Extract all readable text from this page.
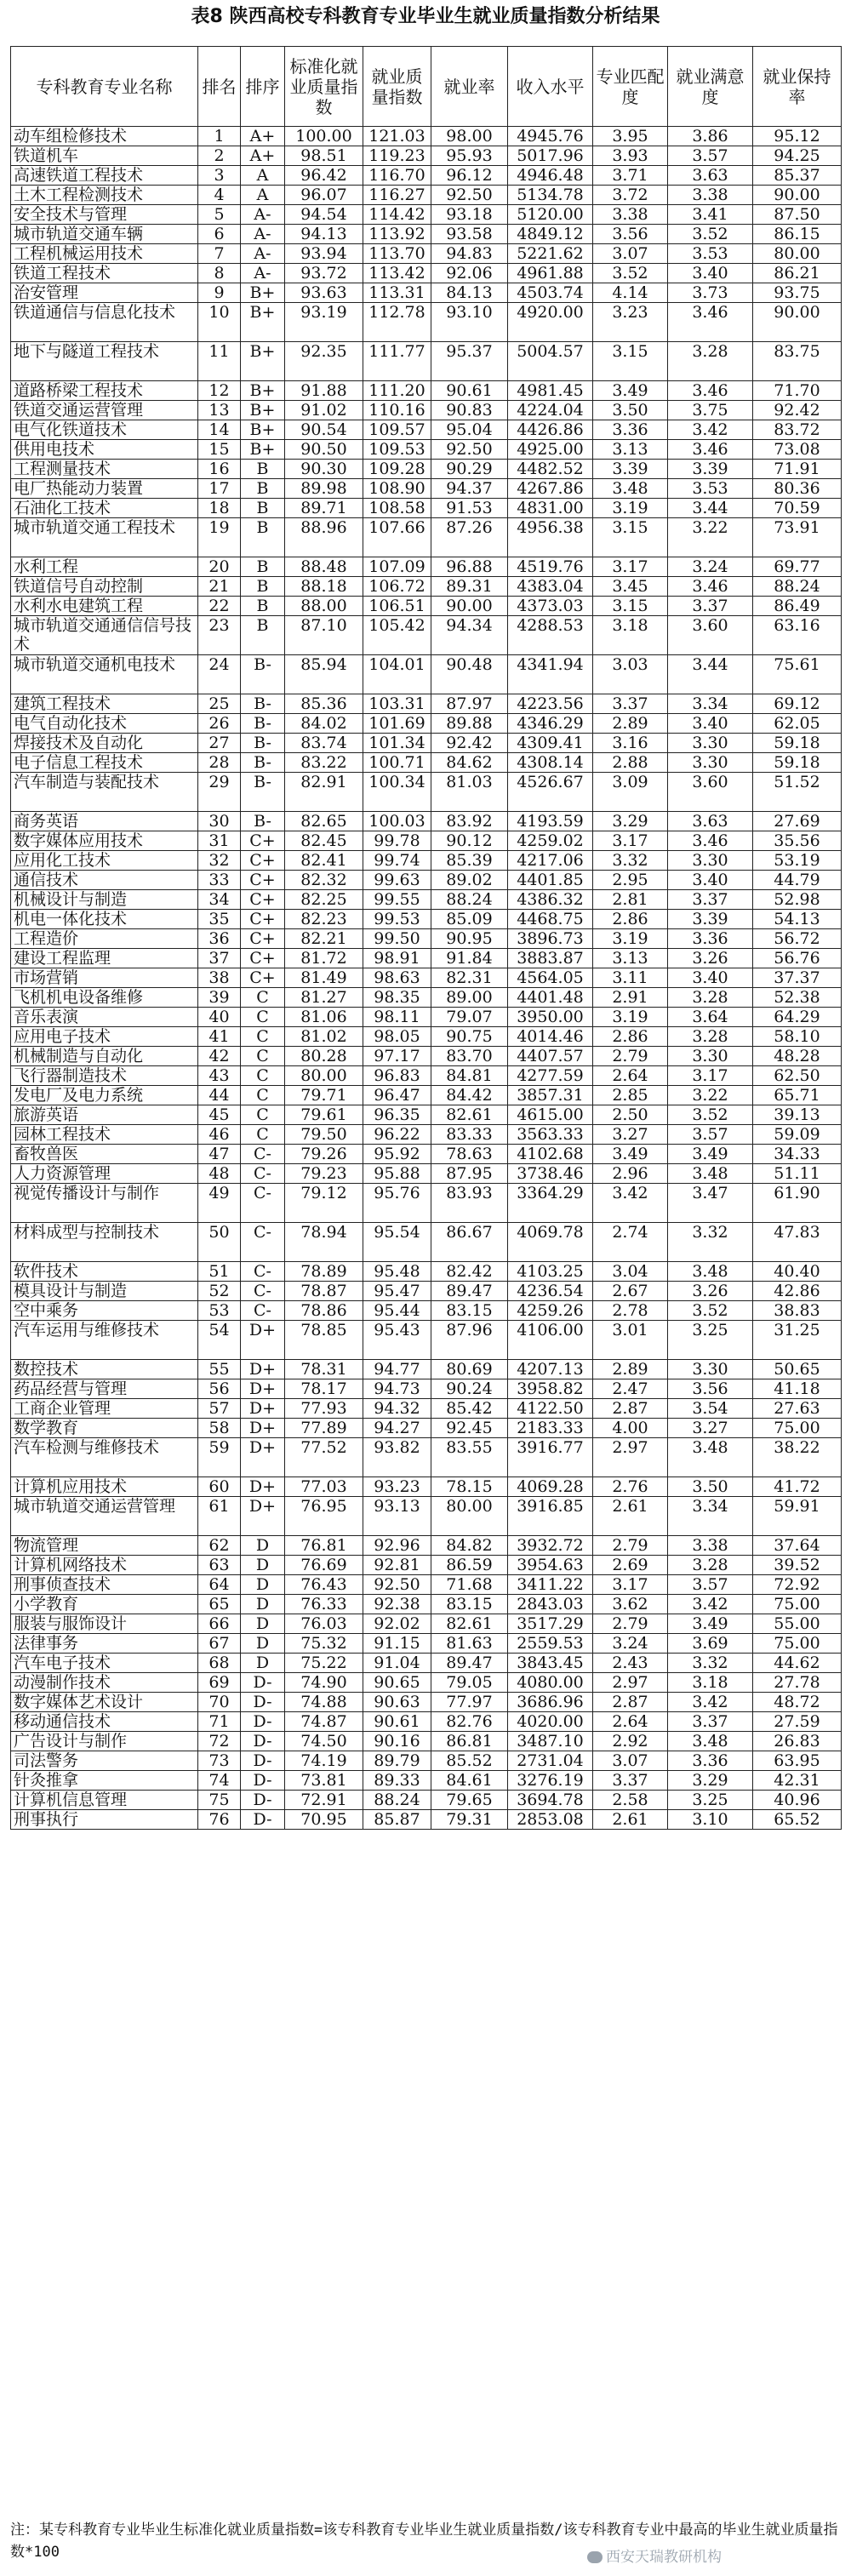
表8 陕西高校专科教育专业毕业生就业质量指数分析结果
专科教育专业名称	排名	排序	标准化就业质量指数	就业质量指数	就业率	收入水平	专业匹配度	就业满意度	就业保持率
动车组检修技术	1	A+	100.00	121.03	98.00	4945.76	3.95	3.86	95.12
铁道机车	2	A+	98.51	119.23	95.93	5017.96	3.93	3.57	94.25
高速铁道工程技术	3	A	96.42	116.70	96.12	4946.48	3.71	3.63	85.37
土木工程检测技术	4	A	96.07	116.27	92.50	5134.78	3.72	3.38	90.00
安全技术与管理	5	A-	94.54	114.42	93.18	5120.00	3.38	3.41	87.50
城市轨道交通车辆	6	A-	94.13	113.92	93.58	4849.12	3.56	3.52	86.15
工程机械运用技术	7	A-	93.94	113.70	94.83	5221.62	3.07	3.53	80.00
铁道工程技术	8	A-	93.72	113.42	92.06	4961.88	3.52	3.40	86.21
治安管理	9	B+	93.63	113.31	84.13	4503.74	4.14	3.73	93.75
铁道通信与信息化技术	10	B+	93.19	112.78	93.10	4920.00	3.23	3.46	90.00
地下与隧道工程技术	11	B+	92.35	111.77	95.37	5004.57	3.15	3.28	83.75
道路桥梁工程技术	12	B+	91.88	111.20	90.61	4981.45	3.49	3.46	71.70
铁道交通运营管理	13	B+	91.02	110.16	90.83	4224.04	3.50	3.75	92.42
电气化铁道技术	14	B+	90.54	109.57	95.04	4426.86	3.36	3.42	83.72
供用电技术	15	B+	90.50	109.53	92.50	4925.00	3.13	3.46	73.08
工程测量技术	16	B	90.30	109.28	90.29	4482.52	3.39	3.39	71.91
电厂热能动力装置	17	B	89.98	108.90	94.37	4267.86	3.48	3.53	80.36
石油化工技术	18	B	89.71	108.58	91.53	4831.00	3.19	3.44	70.59
城市轨道交通工程技术	19	B	88.96	107.66	87.26	4956.38	3.15	3.22	73.91
水利工程	20	B	88.48	107.09	96.88	4519.76	3.17	3.24	69.77
铁道信号自动控制	21	B	88.18	106.72	89.31	4383.04	3.45	3.46	88.24
水利水电建筑工程	22	B	88.00	106.51	90.00	4373.03	3.15	3.37	86.49
城市轨道交通通信信号技术	23	B	87.10	105.42	94.34	4288.53	3.18	3.60	63.16
城市轨道交通机电技术	24	B-	85.94	104.01	90.48	4341.94	3.03	3.44	75.61
建筑工程技术	25	B-	85.36	103.31	87.97	4223.56	3.37	3.34	69.12
电气自动化技术	26	B-	84.02	101.69	89.88	4346.29	2.89	3.40	62.05
焊接技术及自动化	27	B-	83.74	101.34	92.42	4309.41	3.16	3.30	59.18
电子信息工程技术	28	B-	83.22	100.71	84.62	4308.14	2.88	3.30	59.18
汽车制造与装配技术	29	B-	82.91	100.34	81.03	4526.67	3.09	3.60	51.52
商务英语	30	B-	82.65	100.03	83.92	4193.59	3.29	3.63	27.69
数字媒体应用技术	31	C+	82.45	99.78	90.12	4259.02	3.17	3.46	35.56
应用化工技术	32	C+	82.41	99.74	85.39	4217.06	3.32	3.30	53.19
通信技术	33	C+	82.32	99.63	89.02	4401.85	2.95	3.40	44.79
机械设计与制造	34	C+	82.25	99.55	88.24	4386.32	2.81	3.37	52.98
机电一体化技术	35	C+	82.23	99.53	85.09	4468.75	2.86	3.39	54.13
工程造价	36	C+	82.21	99.50	90.95	3896.73	3.19	3.36	56.72
建设工程监理	37	C+	81.72	98.91	91.84	3883.87	3.13	3.26	56.76
市场营销	38	C+	81.49	98.63	82.31	4564.05	3.11	3.40	37.37
飞机机电设备维修	39	C	81.27	98.35	89.00	4401.48	2.91	3.28	52.38
音乐表演	40	C	81.06	98.11	79.07	3950.00	3.19	3.64	64.29
应用电子技术	41	C	81.02	98.05	90.75	4014.46	2.86	3.28	58.10
机械制造与自动化	42	C	80.28	97.17	83.70	4407.57	2.79	3.30	48.28
飞行器制造技术	43	C	80.00	96.83	84.81	4277.59	2.64	3.17	62.50
发电厂及电力系统	44	C	79.71	96.47	84.42	3857.31	2.85	3.22	65.71
旅游英语	45	C	79.61	96.35	82.61	4615.00	2.50	3.52	39.13
园林工程技术	46	C	79.50	96.22	83.33	3563.33	3.27	3.57	59.09
畜牧兽医	47	C-	79.26	95.92	78.63	4102.68	3.49	3.49	34.33
人力资源管理	48	C-	79.23	95.88	87.95	3738.46	2.96	3.48	51.11
视觉传播设计与制作	49	C-	79.12	95.76	83.93	3364.29	3.42	3.47	61.90
材料成型与控制技术	50	C-	78.94	95.54	86.67	4069.78	2.74	3.32	47.83
软件技术	51	C-	78.89	95.48	82.42	4103.25	3.04	3.48	40.40
模具设计与制造	52	C-	78.87	95.47	89.47	4236.54	2.67	3.26	42.86
空中乘务	53	C-	78.86	95.44	83.15	4259.26	2.78	3.52	38.83
汽车运用与维修技术	54	D+	78.85	95.43	87.96	4106.00	3.01	3.25	31.25
数控技术	55	D+	78.31	94.77	80.69	4207.13	2.89	3.30	50.65
药品经营与管理	56	D+	78.17	94.73	90.24	3958.82	2.47	3.56	41.18
工商企业管理	57	D+	77.93	94.32	85.42	4122.50	2.87	3.54	27.63
数学教育	58	D+	77.89	94.27	92.45	2183.33	4.00	3.27	75.00
汽车检测与维修技术	59	D+	77.52	93.82	83.55	3916.77	2.97	3.48	38.22
计算机应用技术	60	D+	77.03	93.23	78.15	4069.28	2.76	3.50	41.72
城市轨道交通运营管理	61	D+	76.95	93.13	80.00	3916.85	2.61	3.34	59.91
物流管理	62	D	76.81	92.96	84.82	3932.72	2.79	3.38	37.64
计算机网络技术	63	D	76.69	92.81	86.59	3954.63	2.69	3.28	39.52
刑事侦查技术	64	D	76.43	92.50	71.68	3411.22	3.17	3.57	72.92
小学教育	65	D	76.33	92.38	83.15	2843.03	3.62	3.42	75.00
服装与服饰设计	66	D	76.03	92.02	82.61	3517.29	2.79	3.49	55.00
法律事务	67	D	75.32	91.15	81.63	2559.53	3.24	3.69	75.00
汽车电子技术	68	D	75.22	91.04	89.47	3843.45	2.43	3.32	44.62
动漫制作技术	69	D-	74.90	90.65	79.05	4080.00	2.97	3.18	27.78
数字媒体艺术设计	70	D-	74.88	90.63	77.97	3686.96	2.87	3.42	48.72
移动通信技术	71	D-	74.87	90.61	82.76	4020.00	2.64	3.37	27.59
广告设计与制作	72	D-	74.50	90.16	86.81	3487.10	2.92	3.48	26.83
司法警务	73	D-	74.19	89.79	85.52	2731.04	3.07	3.36	63.95
针灸推拿	74	D-	73.81	89.33	84.61	3276.19	3.37	3.29	42.31
计算机信息管理	75	D-	72.91	88.24	79.65	3694.78	2.58	3.25	40.96
刑事执行	76	D-	70.95	85.87	79.31	2853.08	2.61	3.10	65.52
注：某专科教育专业毕业生标准化就业质量指数=该专科教育专业毕业生就业质量指数/该专科教育专业中最高的毕业生就业质量指数*100	西安天瑞教研机构
